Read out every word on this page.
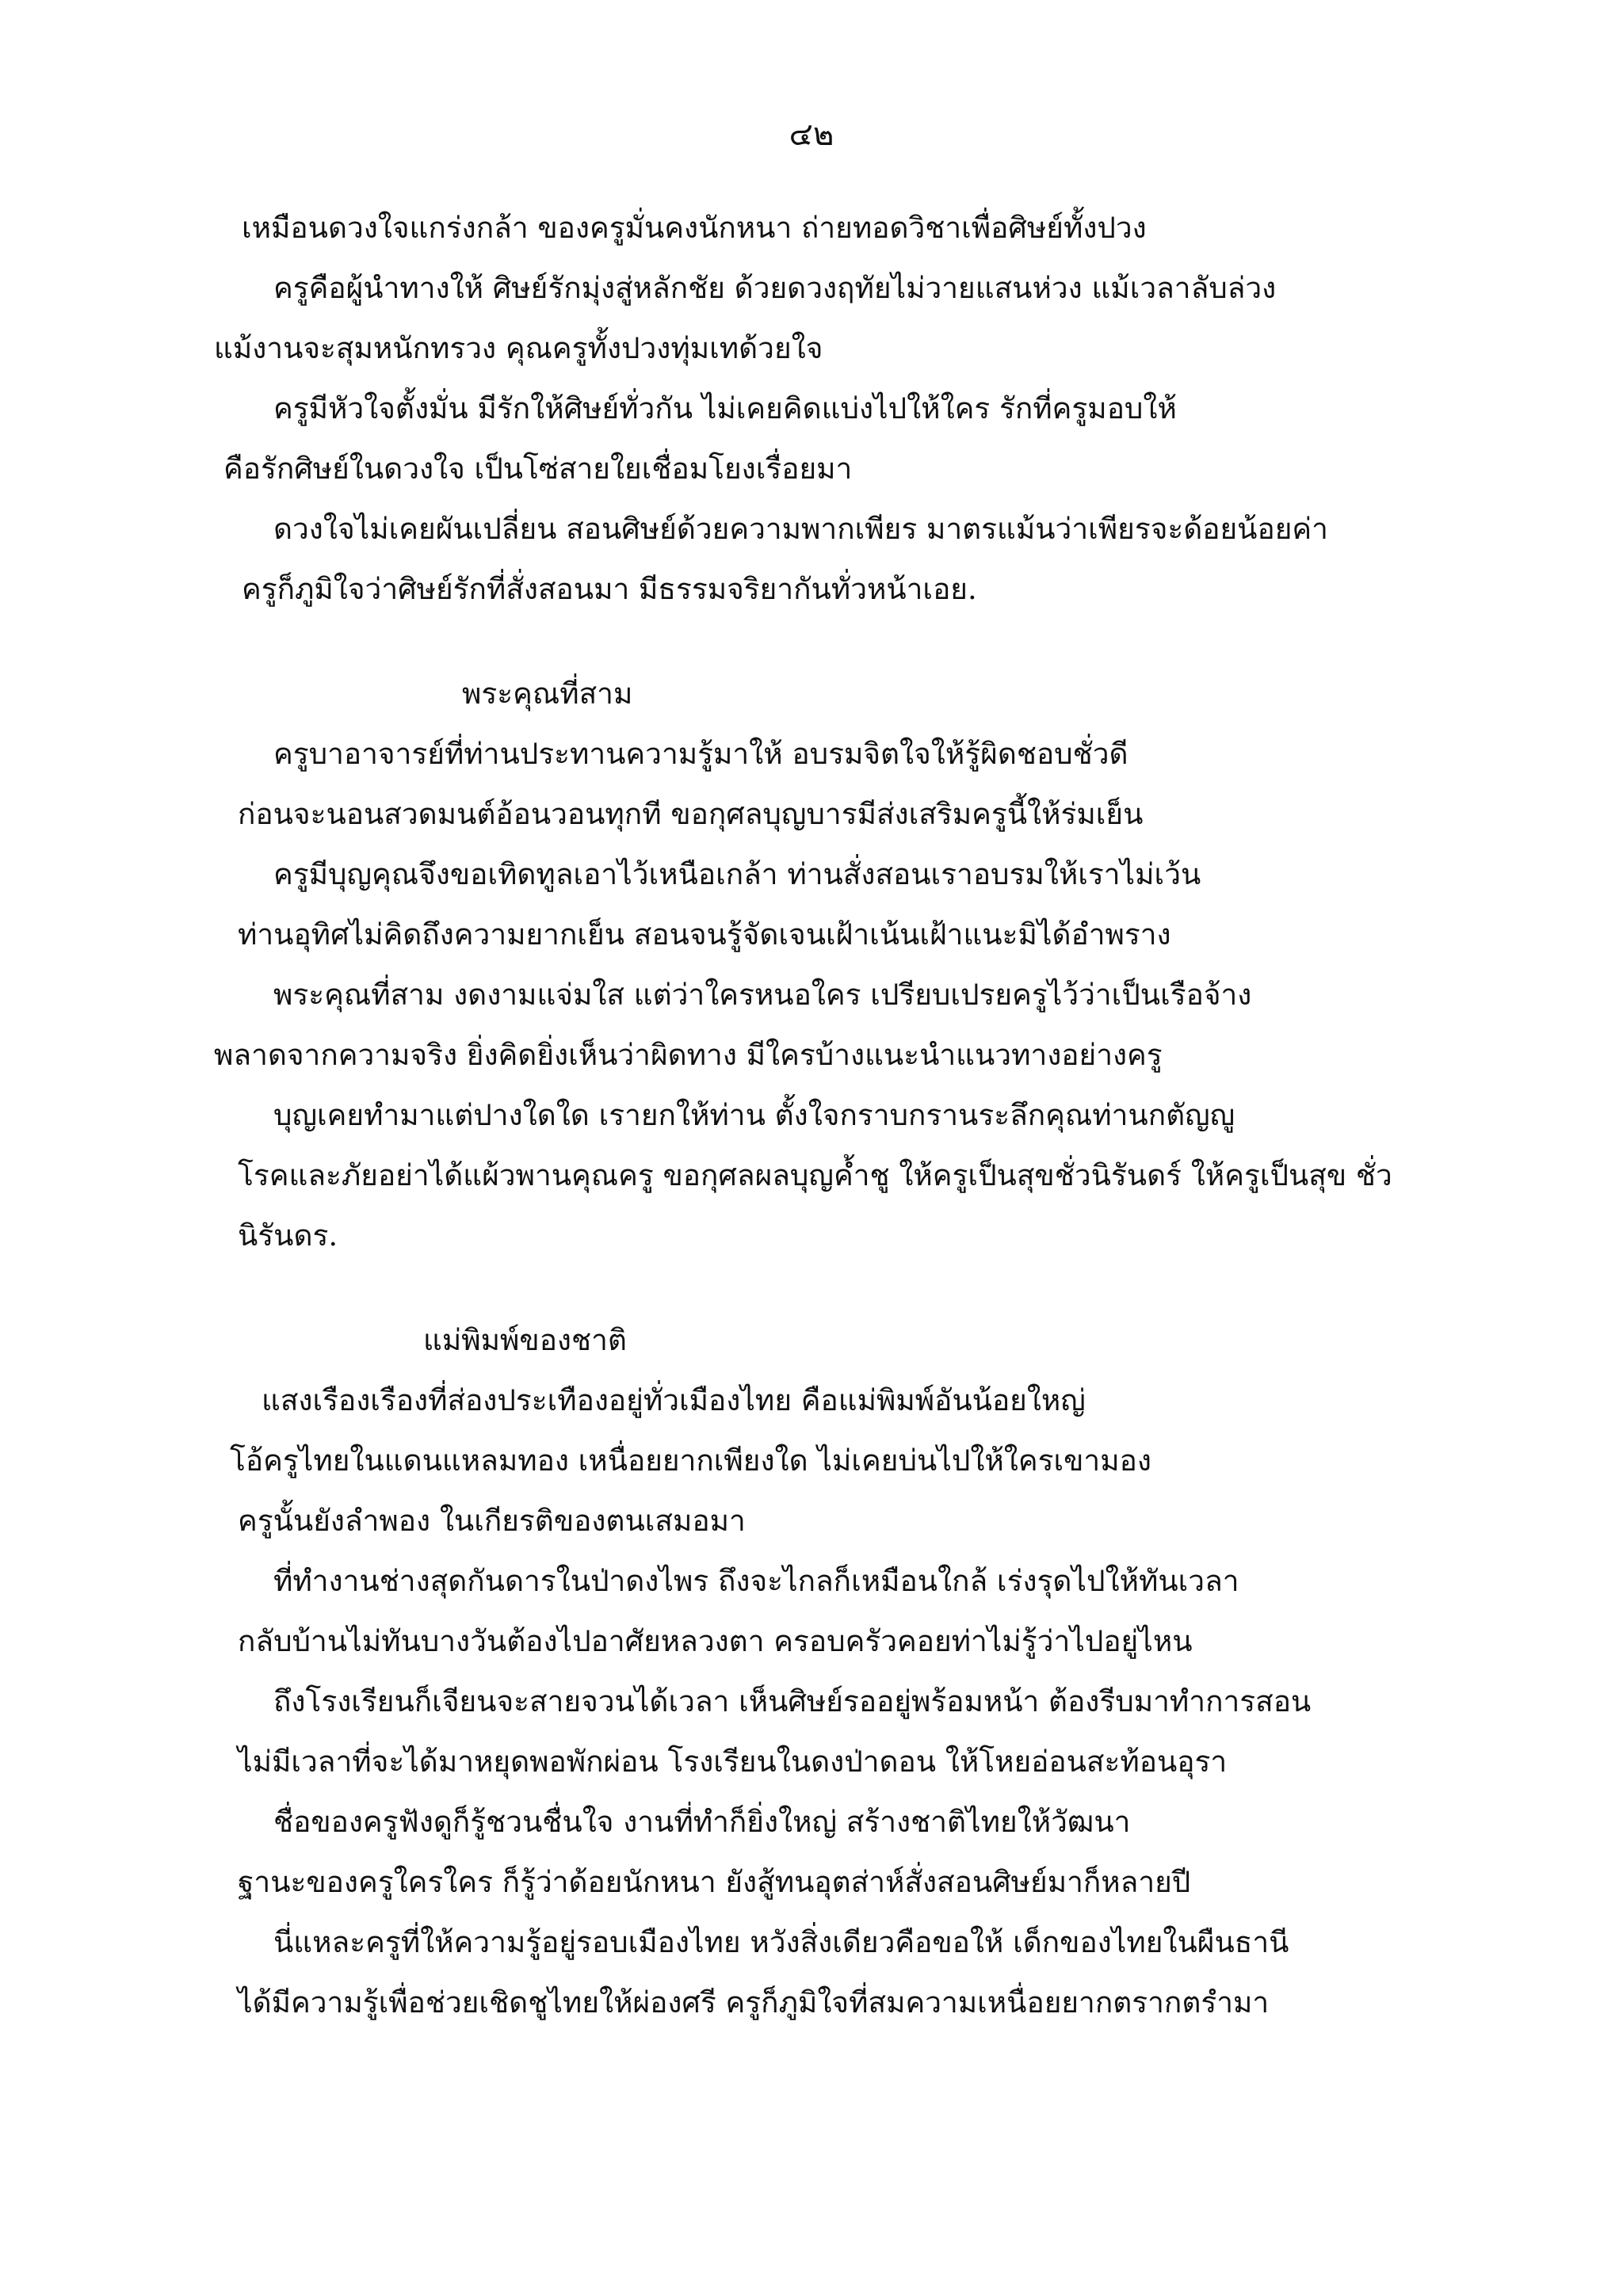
๔๒
เหมือนดวงใจแกร่งกล้า ของครูมั่นคงนักหนา ถ่ายทอดวิชาเพื่อศิษย์ทั้งปวง
ครูคือผู้นำทางให้ ศิษย์รักมุ่งสู่หลักชัย ด้วยดวงฤทัยไม่วายแสนห่วง แม้เวลาลับล่วง
แม้งานจะสุมหนักทรวง คุณครูทั้งปวงทุ่มเทด้วยใจ
ครูมีหัวใจตั้งมั่น มีรักให้ศิษย์ทั่วกัน ไม่เคยคิดแบ่งไปให้ใคร รักที่ครูมอบให้
คือรักศิษย์ในดวงใจ เป็นโซ่สายใยเชื่อมโยงเรื่อยมา
ดวงใจไม่เคยผันเปลี่ยน สอนศิษย์ด้วยความพากเพียร มาตรแม้นว่าเพียรจะด้อยน้อยค่า
ครูก็ภูมิใจว่าศิษย์รักที่สั่งสอนมา มีธรรมจริยากันทั่วหน้าเอย.
พระคุณที่สาม
ครูบาอาจารย์ที่ท่านประทานความรู้มาให้ อบรมจิตใจให้รู้ผิดชอบชั่วดี
ก่อนจะนอนสวดมนต์อ้อนวอนทุกที ขอกุศลบุญบารมีส่งเสริมครูนี้ให้ร่มเย็น
ครูมีบุญคุณจึงขอเทิดทูลเอาไว้เหนือเกล้า ท่านสั่งสอนเราอบรมให้เราไม่เว้น
ท่านอุทิศไม่คิดถึงความยากเย็น สอนจนรู้จัดเจนเฝ้าเน้นเฝ้าแนะมิได้อำพราง
พระคุณที่สาม งดงามแจ่มใส แต่ว่าใครหนอใคร เปรียบเปรยครูไว้ว่าเป็นเรือจ้าง
พลาดจากความจริง ยิ่งคิดยิ่งเห็นว่าผิดทาง มีใครบ้างแนะนำแนวทางอย่างครู
บุญเคยทำมาแต่ปางใดใด เรายกให้ท่าน ตั้งใจกราบกรานระลึกคุณท่านกตัญญู
โรคและภัยอย่าได้แผ้วพานคุณครู ขอกุศลผลบุญค้ำชู ให้ครูเป็นสุขชั่วนิรันดร์ ให้ครูเป็นสุข ชั่ว
นิรันดร.
แม่พิมพ์ของชาติ
แสงเรืองเรืองที่ส่องประเทืองอยู่ทั่วเมืองไทย คือแม่พิมพ์อันน้อยใหญ่
โอ้ครูไทยในแดนแหลมทอง เหนื่อยยากเพียงใด ไม่เคยบ่นไปให้ใครเขามอง
ครูนั้นยังลำพอง ในเกียรติของตนเสมอมา
ที่ทำงานช่างสุดกันดารในป่าดงไพร ถึงจะไกลก็เหมือนใกล้ เร่งรุดไปให้ทันเวลา
กลับบ้านไม่ทันบางวันต้องไปอาศัยหลวงตา ครอบครัวคอยท่าไม่รู้ว่าไปอยู่ไหน
ถึงโรงเรียนก็เจียนจะสายจวนได้เวลา เห็นศิษย์รออยู่พร้อมหน้า ต้องรีบมาทำการสอน
ไม่มีเวลาที่จะได้มาหยุดพอพักผ่อน โรงเรียนในดงป่าดอน ให้โหยอ่อนสะท้อนอุรา
ชื่อของครูฟังดูก็รู้ชวนชื่นใจ งานที่ทำก็ยิ่งใหญ่ สร้างชาติไทยให้วัฒนา
ฐานะของครูใครใคร ก็รู้ว่าด้อยนักหนา ยังสู้ทนอุตส่าห์สั่งสอนศิษย์มาก็หลายปี
นี่แหละครูที่ให้ความรู้อยู่รอบเมืองไทย หวังสิ่งเดียวคือขอให้ เด็กของไทยในผืนธานี
ได้มีความรู้เพื่อช่วยเชิดชูไทยให้ผ่องศรี ครูก็ภูมิใจที่สมความเหนื่อยยากตรากตรำมา
